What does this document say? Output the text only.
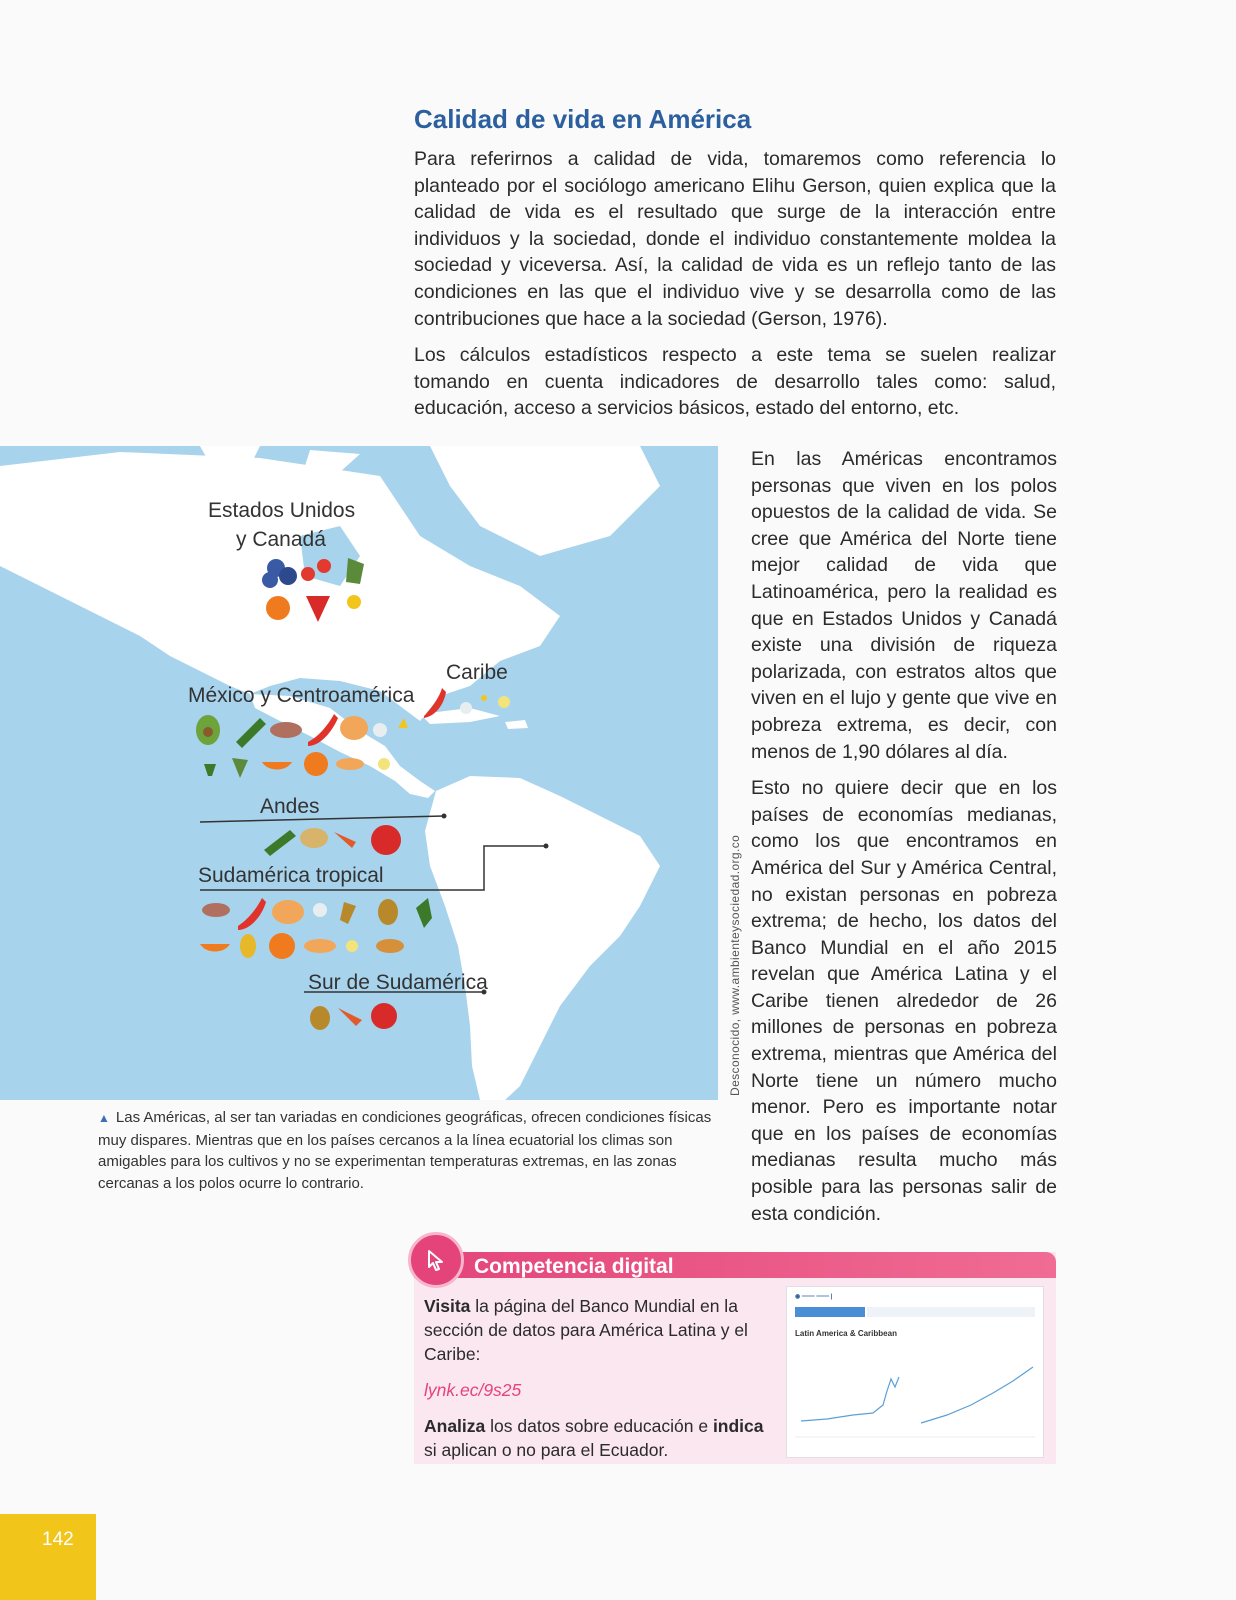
Calidad de vida en América

Para referirnos a calidad de vida, tomaremos como referencia lo planteado por el sociólogo americano Elihu Gerson, quien explica que la calidad de vida es el resultado que surge de la interacción entre individuos y la sociedad, donde el individuo constantemente moldea la sociedad y viceversa. Así, la calidad de vida es un reflejo tanto de las condiciones en las que el individuo vive y se desarrolla como de las contribuciones que hace a la sociedad (Gerson, 1976).

Los cálculos estadísticos respecto a este tema se suelen realizar tomando en cuenta indicadores de desarrollo tales como: salud, educación, acceso a servicios básicos, estado del entorno, etc.

Estados Unidos
y Canadá
Caribe
México y Centroamérica
Andes
Sudamérica tropical
Sur de Sudamérica	Desconocido, www.ambienteysociedad.org.co

En las Américas encontramos personas que viven en los polos opuestos de la calidad de vida. Se cree que América del Norte tiene mejor calidad de vida que Latinoamérica, pero la realidad es que en Estados Unidos y Canadá existe una división de riqueza polarizada, con estratos altos que viven en el lujo y gente que vive en pobreza extrema, es decir, con menos de 1,90 dólares al día.

Esto no quiere decir que en los países de economías medianas, como los que encontramos en América del Sur y América Central, no existan personas en pobreza extrema; de hecho, los datos del Banco Mundial en el año 2015 revelan que América Latina y el Caribe tienen alrededor de 26 millones de personas en pobreza extrema, mientras que América del Norte tiene un número mucho menor. Pero es importante notar que en los países de economías medianas resulta mucho más posible para las personas salir de esta condición.

▲ Las Américas, al ser tan variadas en condiciones geográficas, ofrecen condiciones físicas muy dispares. Mientras que en los países cercanos a la línea ecuatorial los climas son amigables para los cultivos y no se experimentan temperaturas extremas, en las zonas cercanas a los polos ocurre lo contrario.
Competencia digital

Visita la página del Banco Mundial en la sección de datos para América Latina y el Caribe:

lynk.ec/9s25

Analiza los datos sobre educación e indica si aplican o no para el Ecuador.

◉ ═══ ═══ |
Latin America & Caribbean
142
